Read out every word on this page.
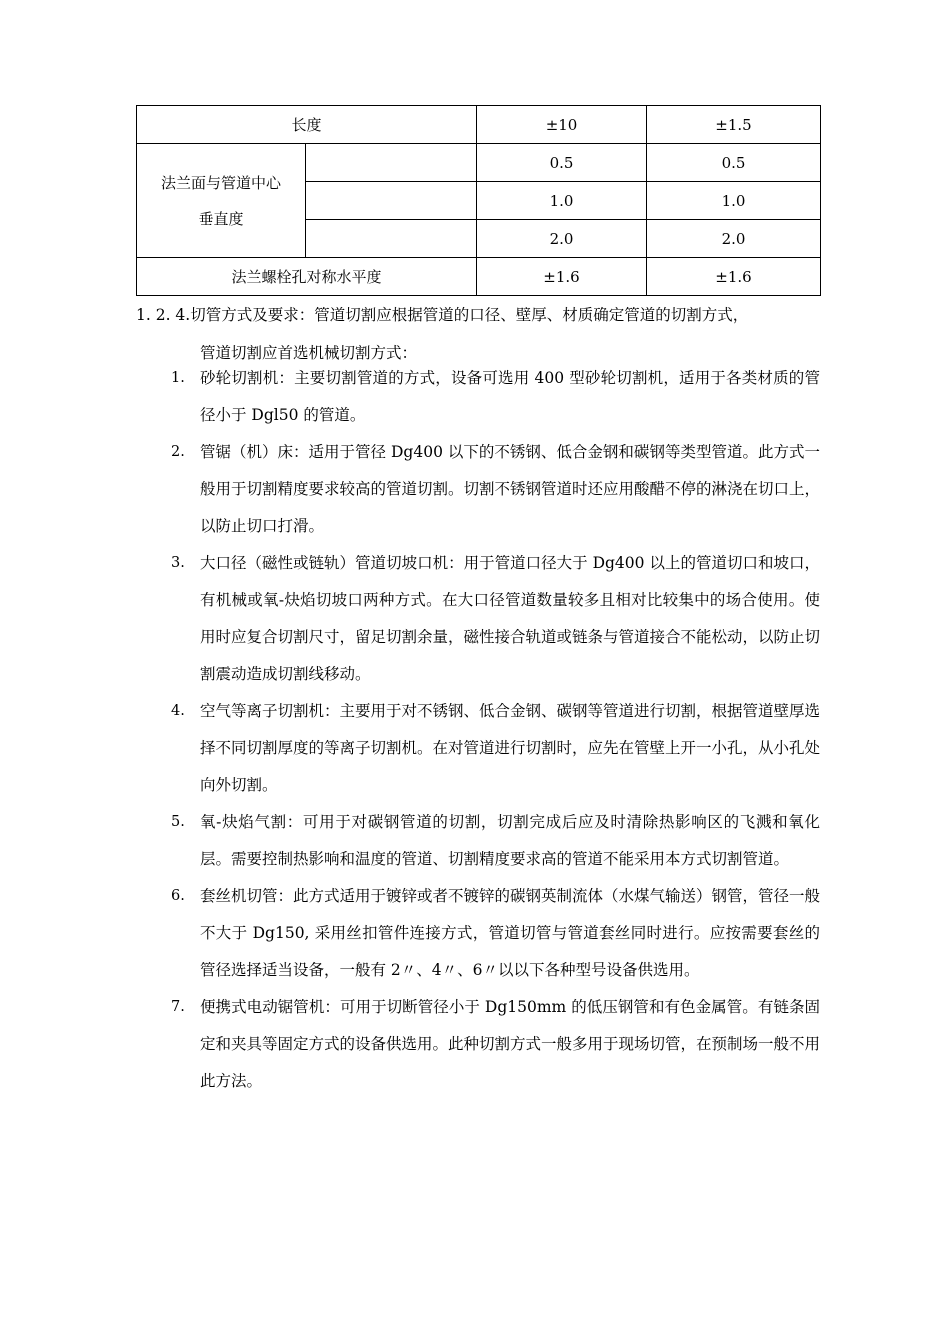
长度		±10	±1.5

法兰面与管道中心
垂直度		0.5	0.5
		1.0	1.0
		2.0	2.0
法兰螺栓孔对称水平度		±1.6	±1.6
1. 2. 4.切管方式及要求：管道切割应根据管道的口径、壁厚、材质确定管道的切割方式，
管道切割应首选机械切割方式：
1. 砂轮切割机：主要切割管道的方式，设备可选用 400 型砂轮切割机，适用于各类材质的管径小于 Dgl50 的管道。
2. 管锯（机）床：适用于管径 Dg400 以下的不锈钢、低合金钢和碳钢等类型管道。此方式一般用于切割精度要求较高的管道切割。切割不锈钢管道时还应用酸醋不停的淋浇在切口上，以防止切口打滑。
3. 大口径（磁性或链轨）管道切坡口机：用于管道口径大于 Dg400 以上的管道切口和坡口，有机械或氧-炔焰切坡口两种方式。在大口径管道数量较多且相对比较集中的场合使用。使用时应复合切割尺寸，留足切割余量，磁性接合轨道或链条与管道接合不能松动，以防止切割震动造成切割线移动。
4. 空气等离子切割机：主要用于对不锈钢、低合金钢、碳钢等管道进行切割，根据管道壁厚选择不同切割厚度的等离子切割机。在对管道进行切割时，应先在管壁上开一小孔，从小孔处向外切割。
5. 氧-炔焰气割：可用于对碳钢管道的切割，切割完成后应及时清除热影响区的飞溅和氧化层。需要控制热影响和温度的管道、切割精度要求高的管道不能采用本方式切割管道。
6. 套丝机切管：此方式适用于镀锌或者不镀锌的碳钢英制流体（水煤气输送）钢管，管径一般不大于 Dg150, 采用丝扣管件连接方式，管道切管与管道套丝同时进行。应按需要套丝的管径选择适当设备，一般有 2〃、4〃、6〃以以下各种型号设备供选用。
7. 便携式电动锯管机：可用于切断管径小于 Dg150mm 的低压钢管和有色金属管。有链条固定和夹具等固定方式的设备供选用。此种切割方式一般多用于现场切管，在预制场一般不用此方法。
